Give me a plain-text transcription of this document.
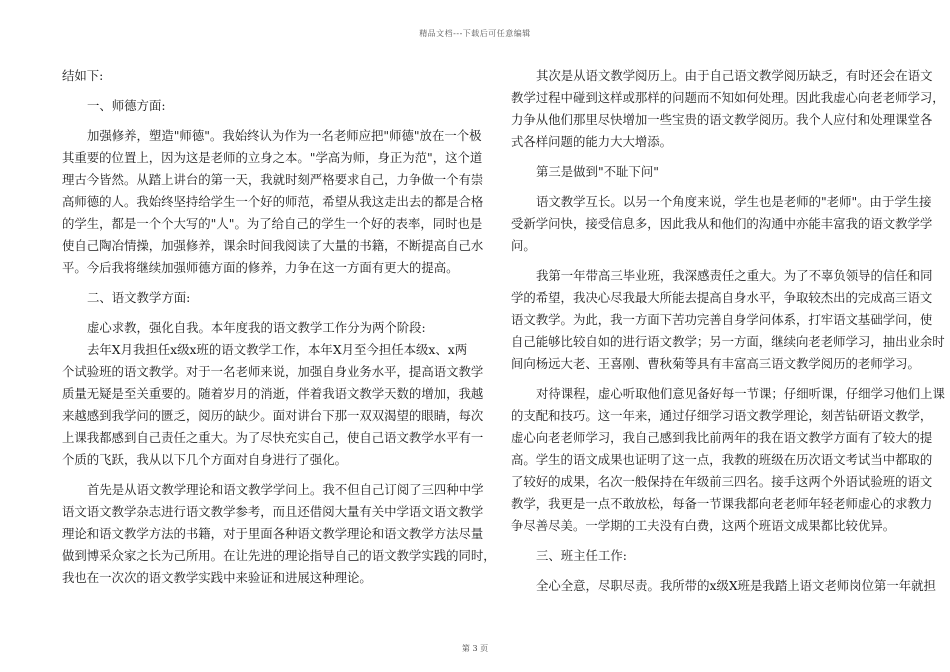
精品文档---下载后可任意编辑
结如下:
一、师德方面:
加强修养，塑造"师德"。我始终认为作为一名老师应把"师德"放在一个极
其重要的位置上，因为这是老师的立身之本。"学高为师，身正为范"，这个道
理古今皆然。从踏上讲台的第一天，我就时刻严格要求自己，力争做一个有崇
高师德的人。我始终坚持给学生一个好的师范，希望从我这走出去的都是合格
的学生，都是一个个大写的"人"。为了给自己的学生一个好的表率，同时也是
使自己陶冶情操，加强修养，课余时间我阅读了大量的书籍，不断提高自己水
平。今后我将继续加强师德方面的修养，力争在这一方面有更大的提高。
二、语文教学方面:
虚心求教，强化自我。本年度我的语文教学工作分为两个阶段:
去年X月我担任x级x班的语文教学工作，本年X月至今担任本级x、x两
个试验班的语文教学。对于一名老师来说，加强自身业务水平，提高语文教学
质量无疑是至关重要的。随着岁月的消逝，伴着我语文教学天数的增加，我越
来越感到我学问的匮乏，阅历的缺少。面对讲台下那一双双渴望的眼睛，每次
上课我都感到自己责任之重大。为了尽快充实自己，使自己语文教学水平有一
个质的飞跃，我从以下几个方面对自身进行了强化。
首先是从语文教学理论和语文教学学问上。我不但自己订阅了三四种中学
语文语文教学杂志进行语文教学参考，而且还借阅大量有关中学语文语文教学
理论和语文教学方法的书籍，对于里面各种语文教学理论和语文教学方法尽量
做到博采众家之长为己所用。在让先进的理论指导自己的语文教学实践的同时，
我也在一次次的语文教学实践中来验证和进展这种理论。
其次是从语文教学阅历上。由于自己语文教学阅历缺乏，有时还会在语文
教学过程中碰到这样或那样的问题而不知如何处理。因此我虚心向老老师学习，
力争从他们那里尽快增加一些宝贵的语文教学阅历。我个人应付和处理课堂各
式各样问题的能力大大增添。
第三是做到"不耻下问"
语文教学互长。以另一个角度来说，学生也是老师的"老师"。由于学生接
受新学问快，接受信息多，因此我从和他们的沟通中亦能丰富我的语文教学学
问。
我第一年带高三毕业班，我深感责任之重大。为了不辜负领导的信任和同
学的希望，我决心尽我最大所能去提高自身水平，争取较杰出的完成高三语文
语文教学。为此，我一方面下苦功完善自身学问体系，打牢语文基础学问，使
自己能够比较自如的进行语文教学；另一方面，继续向老老师学习，抽出业余时
间向杨远大老、王喜刚、曹秋菊等具有丰富高三语文教学阅历的老师学习。
对待课程，虚心听取他们意见备好每一节课；仔细听课，仔细学习他们上课
的支配和技巧。这一年来，通过仔细学习语文教学理论，刻苦钻研语文教学，
虚心向老老师学习，我自己感到我比前两年的我在语文教学方面有了较大的提
高。学生的语文成果也证明了这一点，我教的班级在历次语文考试当中都取的
了较好的成果，名次一般保持在年级前三四名。接手这两个外语试验班的语文
教学，我更是一点不敢放松，每备一节课我都向老老师年轻老师虚心的求教力
争尽善尽美。一学期的工夫没有白费，这两个班语文成果都比较优异。
三、班主任工作:
全心全意，尽职尽责。我所带的x级X班是我踏上语文老师岗位第一年就担
第 3 页
